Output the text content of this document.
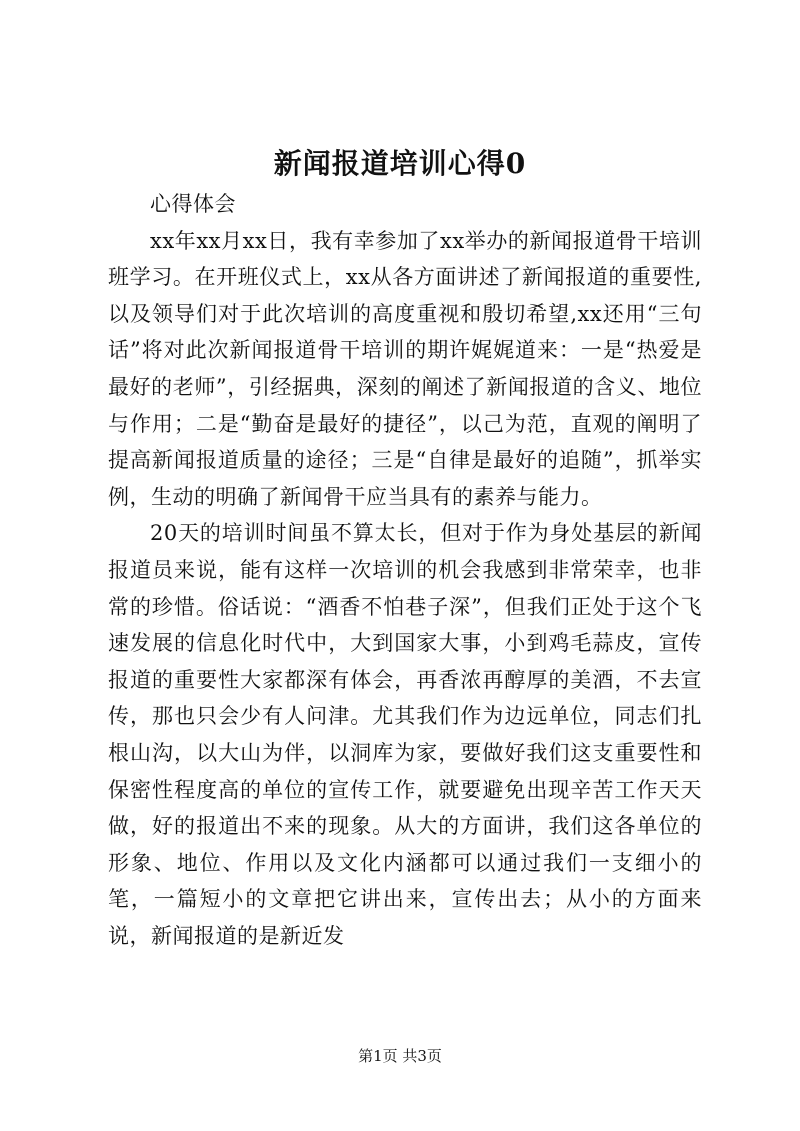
新闻报道培训心得0

心得体会

xx年xx月xx日，我有幸参加了xx举办的新闻报道骨干培训班学习。在开班仪式上，xx从各方面讲述了新闻报道的重要性,以及领导们对于此次培训的高度重视和殷切希望,xx还用“三句话”将对此次新闻报道骨干培训的期许娓娓道来：一是“热爱是最好的老师”，引经据典，深刻的阐述了新闻报道的含义、地位与作用；二是“勤奋是最好的捷径”，以己为范，直观的阐明了提高新闻报道质量的途径；三是“自律是最好的追随”，抓举实例，生动的明确了新闻骨干应当具有的素养与能力。

20天的培训时间虽不算太长，但对于作为身处基层的新闻报道员来说，能有这样一次培训的机会我感到非常荣幸，也非常的珍惜。俗话说：“酒香不怕巷子深”，但我们正处于这个飞速发展的信息化时代中，大到国家大事，小到鸡毛蒜皮，宣传报道的重要性大家都深有体会，再香浓再醇厚的美酒，不去宣传，那也只会少有人问津。尤其我们作为边远单位，同志们扎根山沟，以大山为伴，以洞库为家，要做好我们这支重要性和保密性程度高的单位的宣传工作，就要避免出现辛苦工作天天做，好的报道出不来的现象。从大的方面讲，我们这各单位的形象、地位、作用以及文化内涵都可以通过我们一支细小的笔，一篇短小的文章把它讲出来，宣传出去；从小的方面来说，新闻报道的是新近发

第1页 共3页
